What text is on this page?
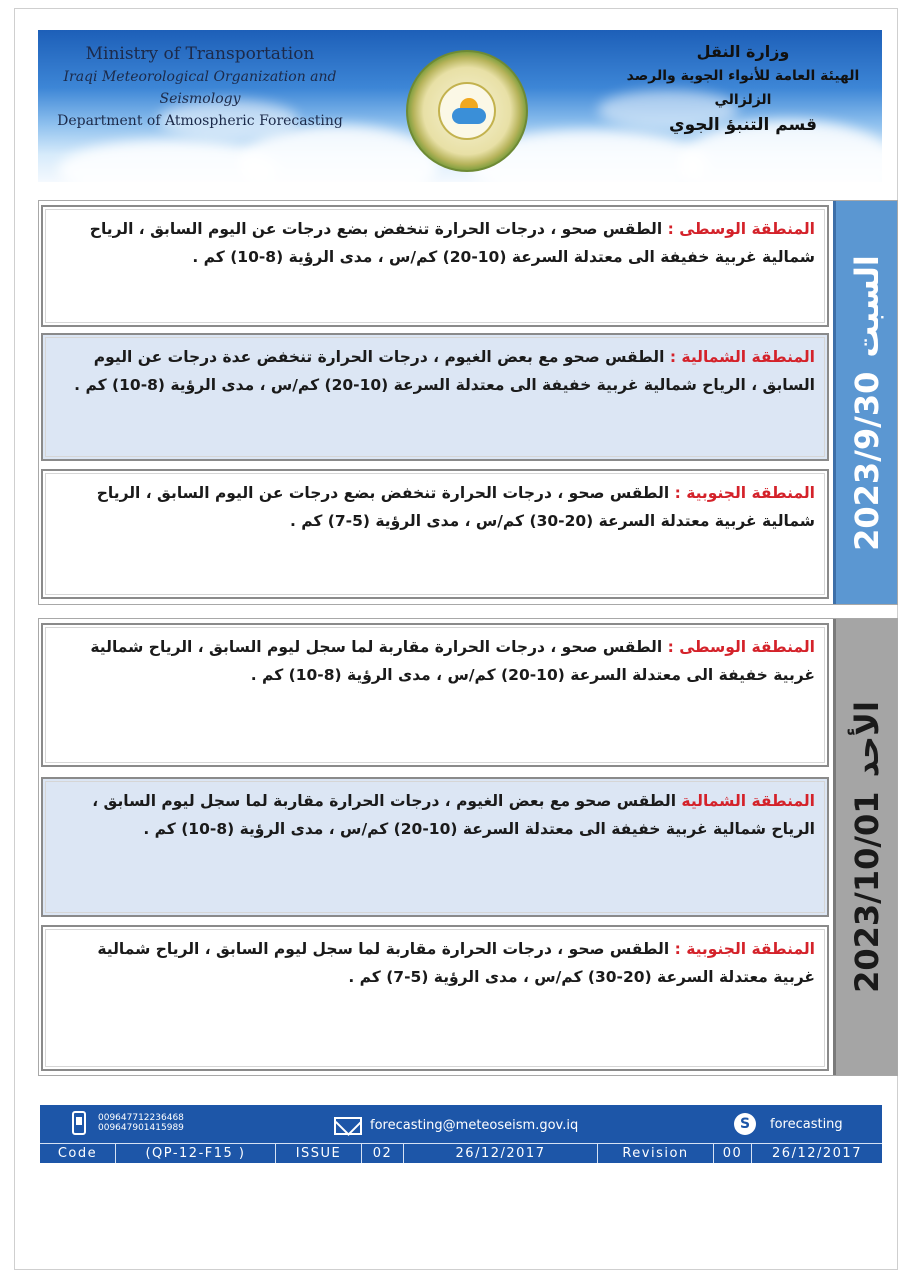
Ministry of Transportation
Iraqi Meteorological Organization and Seismology
Department of Atmospheric Forecasting
وزارة النقل
الهيئة العامة للأنواء الجوية والرصد الزلزالي
قسم التنبؤ الجوي
المنطقة الوسطى : الطقس صحو ، درجات الحرارة تنخفض بضع درجات عن اليوم السابق ، الرياح شمالية غربية خفيفة الى معتدلة السرعة (10-20) كم/س ، مدى الرؤية (8-10) كم .
المنطقة الشمالية : الطقس صحو مع بعض الغيوم ، درجات الحرارة تنخفض عدة درجات عن اليوم السابق ، الرياح شمالية غربية خفيفة الى معتدلة السرعة (10-20) كم/س ، مدى الرؤية (8-10) كم .
المنطقة الجنوبية : الطقس صحو ، درجات الحرارة تنخفض بضع درجات عن اليوم السابق ، الرياح شمالية غربية معتدلة السرعة (20-30) كم/س ، مدى الرؤية (5-7) كم .	2023/9/30السبت
المنطقة الوسطى : الطقس صحو ، درجات الحرارة مقاربة لما سجل ليوم السابق ، الرياح شمالية غربية خفيفة الى معتدلة السرعة (10-20) كم/س ، مدى الرؤية (8-10) كم .
المنطقة الشمالية الطقس صحو مع بعض الغيوم ، درجات الحرارة مقاربة لما سجل ليوم السابق ، الرياح شمالية غربية خفيفة الى معتدلة السرعة (10-20) كم/س ، مدى الرؤية (8-10) كم .
المنطقة الجنوبية : الطقس صحو ، درجات الحرارة مقاربة لما سجل ليوم السابق ، الرياح شمالية غربية معتدلة السرعة (20-30) كم/س ، مدى الرؤية (5-7) كم .	2023/10/01الأحد
009647712236468
009647901415989	forecasting@meteoseism.gov.iq	S	forecasting
Code	(QP-12-F15 )	ISSUE	02	26/12/2017	Revision	00	26/12/2017
